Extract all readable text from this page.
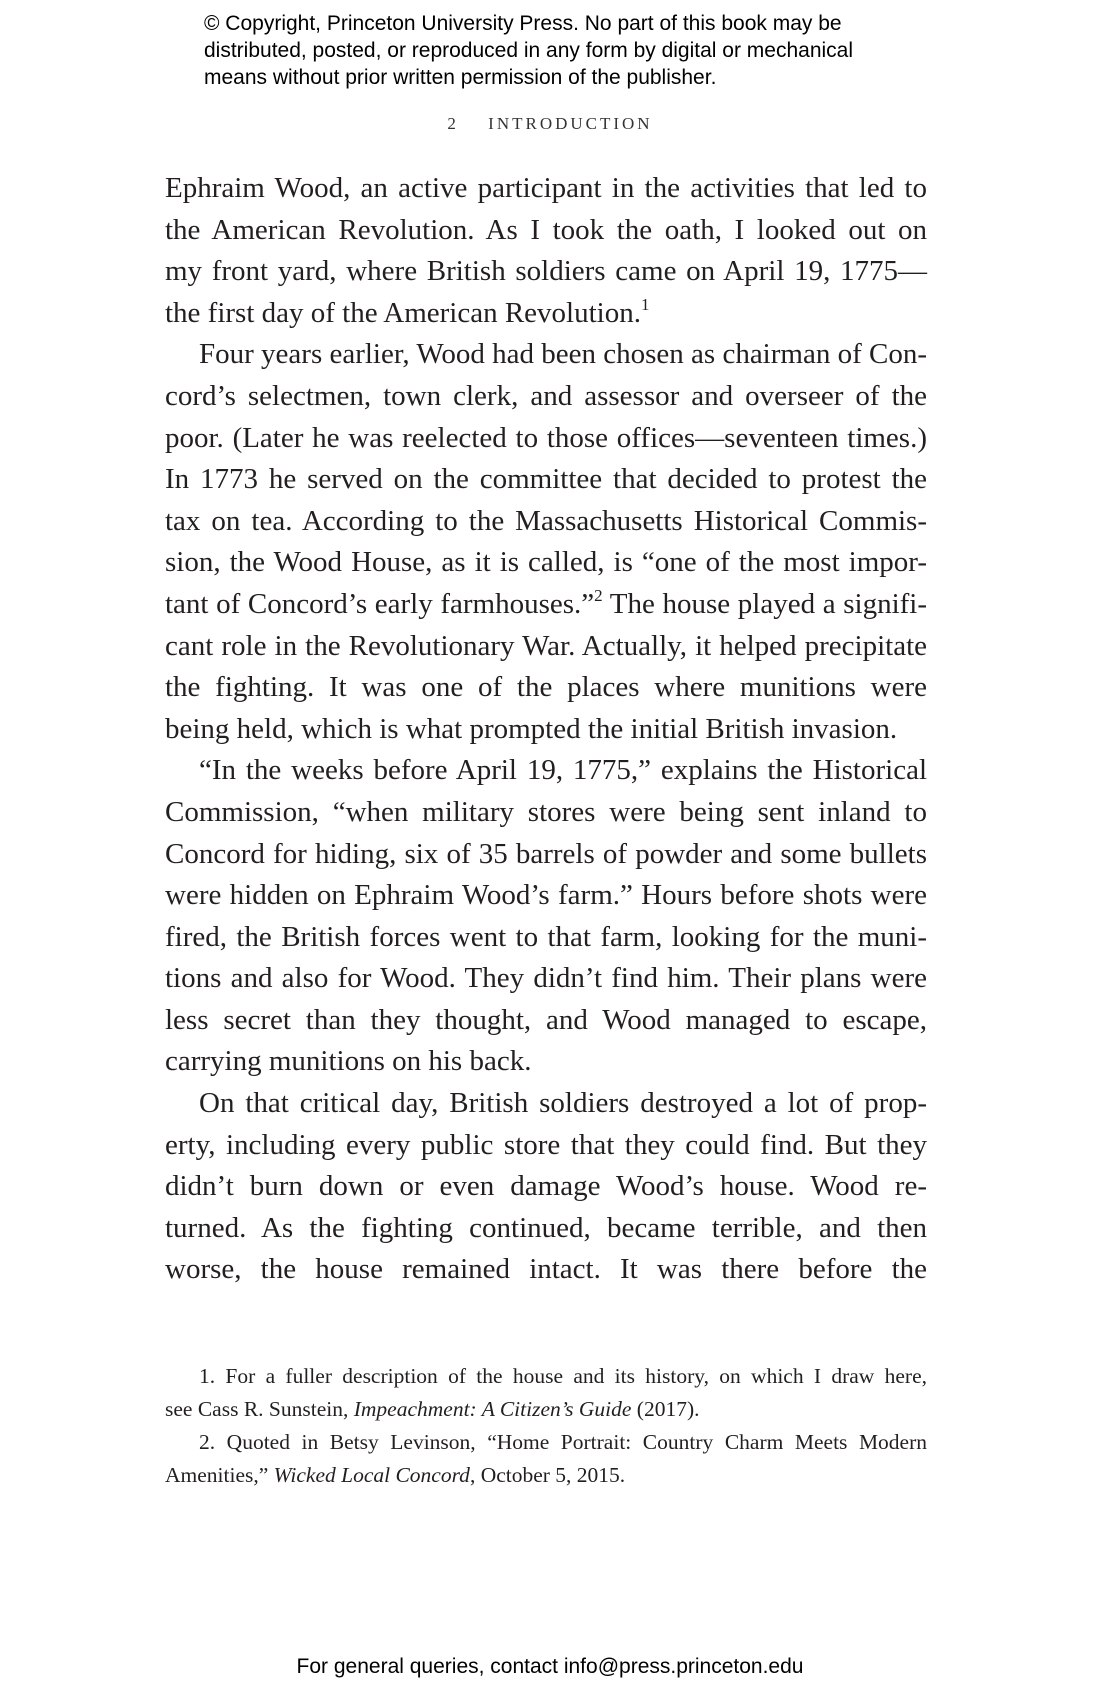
© Copyright, Princeton University Press. No part of this book may be
distributed, posted, or reproduced in any form by digital or mechanical
means without prior written permission of the publisher.
2 INTRODUCTION
Ephraim Wood, an active participant in the activities that led to
the American Revolution. As I took the oath, I looked out on
my front yard, where British soldiers came on April 19, 1775—
the first day of the American Revolution.$^1$
Four years earlier, Wood had been chosen as chairman of Con-
cord’s selectmen, town clerk, and assessor and overseer of the
poor. (Later he was reelected to those offices—seventeen times.)
In 1773 he served on the committee that decided to protest the
tax on tea. According to the Massachusetts Historical Commis-
sion, the Wood House, as it is called, is “one of the most impor-
tant of Concord’s early farmhouses.”$^2$ The house played a signifi-
cant role in the Revolutionary War. Actually, it helped precipitate
the fighting. It was one of the places where munitions were
being held, which is what prompted the initial British invasion.
“In the weeks before April 19, 1775,” explains the Historical
Commission, “when military stores were being sent inland to
Concord for hiding, six of 35 barrels of powder and some bullets
were hidden on Ephraim Wood’s farm.” Hours before shots were
fired, the British forces went to that farm, looking for the muni-
tions and also for Wood. They didn’t find him. Their plans were
less secret than they thought, and Wood managed to escape,
carrying munitions on his back.
On that critical day, British soldiers destroyed a lot of prop-
erty, including every public store that they could find. But they
didn’t burn down or even damage Wood’s house. Wood re-
turned. As the fighting continued, became terrible, and then
worse, the house remained intact. It was there before the
1. For a fuller description of the house and its history, on which I draw here,
see Cass R. Sunstein, Impeachment: A Citizen’s Guide (2017).
2. Quoted in Betsy Levinson, “Home Portrait: Country Charm Meets Modern
Amenities,” Wicked Local Concord, October 5, 2015.
For general queries, contact info@press.princeton.edu
